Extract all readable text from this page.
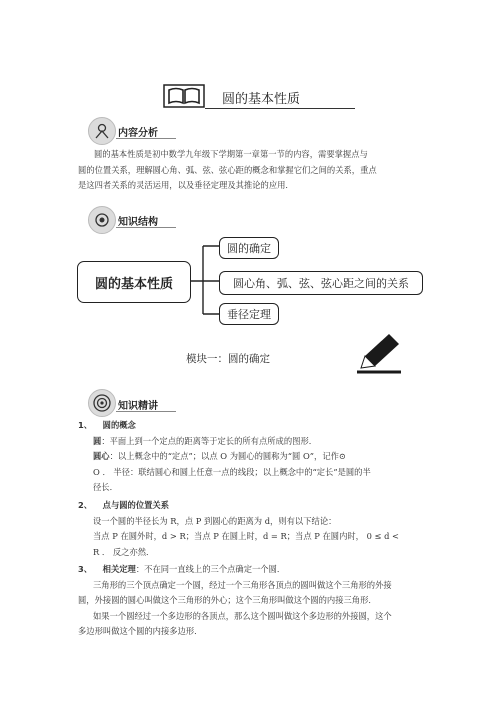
圆的基本性质
内容分析
圆的基本性质是初中数学九年级下学期第一章第一节的内容，需要掌握点与
圆的位置关系，理解圆心角、弧、弦、弦心距的概念和掌握它们之间的关系，重点
是这四者关系的灵活运用，以及垂径定理及其推论的应用．
知识结构
圆的基本性质
圆的确定
圆心角、弧、弦、弦心距之间的关系
垂径定理
模块一：圆的确定
知识精讲
1、 圆的概念
圆：平面上到一个定点的距离等于定长的所有点所成的图形．
圆心：以上概念中的“定点”；以点 O 为圆心的圆称为“圆 O”，记作⊙
O ． 半径：联结圆心和圆上任意一点的线段；以上概念中的“定长”是圆的半
径长．
2、 点与圆的位置关系
设一个圆的半径长为 R，点 P 到圆心的距离为 d，则有以下结论：
当点 P 在圆外时，d > R；当点 P 在圆上时，d = R；当点 P 在圆内时， 0 ≤ d <
R ． 反之亦然．
3、 相关定理：不在同一直线上的三个点确定一个圆．
三角形的三个顶点确定一个圆，经过一个三角形各顶点的圆叫做这个三角形的外接
圆，外接圆的圆心叫做这个三角形的外心；这个三角形叫做这个圆的内接三角形．
如果一个圆经过一个多边形的各顶点，那么这个圆叫做这个多边形的外接圆，这个
多边形叫做这个圆的内接多边形．
